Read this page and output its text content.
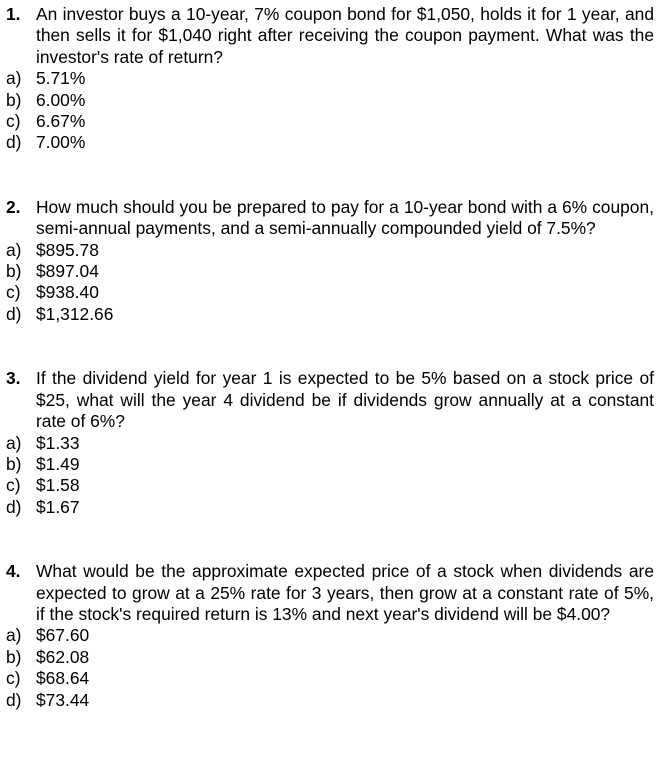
1. An investor buys a 10-year, 7% coupon bond for $1,050, holds it for 1 year, and then sells it for $1,040 right after receiving the coupon payment. What was the investor's rate of return?
a) 5.71%
b) 6.00%
c) 6.67%
d) 7.00%
2. How much should you be prepared to pay for a 10-year bond with a 6% coupon, semi-annual payments, and a semi-annually compounded yield of 7.5%?
a) $895.78
b) $897.04
c) $938.40
d) $1,312.66
3. If the dividend yield for year 1 is expected to be 5% based on a stock price of $25, what will the year 4 dividend be if dividends grow annually at a constant rate of 6%?
a) $1.33
b) $1.49
c) $1.58
d) $1.67
4. What would be the approximate expected price of a stock when dividends are expected to grow at a 25% rate for 3 years, then grow at a constant rate of 5%, if the stock's required return is 13% and next year's dividend will be $4.00?
a) $67.60
b) $62.08
c) $68.64
d) $73.44
